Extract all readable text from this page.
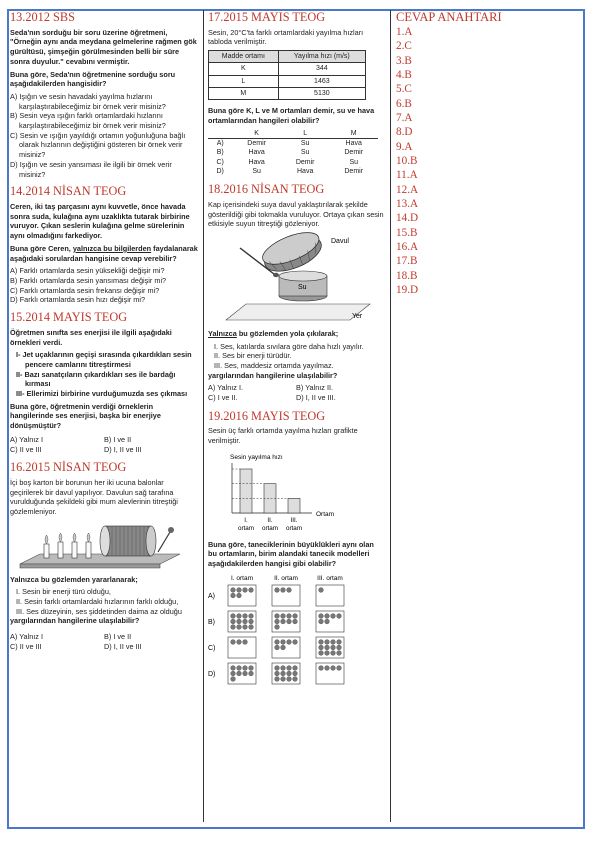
13.2012 SBS

Seda'nın sorduğu bir soru üzerine öğretmeni, "Örneğin aynı anda meydana gelmelerine rağmen gök gürültüsü, şimşeğin görülmesinden belli bir süre sonra duyulur." cevabını vermiştir.

Buna göre, Seda'nın öğretmenine sorduğu soru aşağıdakilerden hangisidir?

A) Işığın ve sesin havadaki yayılma hızlarını karşılaştırabileceğimiz bir örnek verir misiniz?

B) Sesin veya ışığın farklı ortamlardaki hızlarını karşılaştırabileceğimiz bir örnek verir misiniz?

C) Sesin ve ışığın yayıldığı ortamın yoğunluğuna bağlı olarak hızlarının değiştiğini gösteren bir örnek verir misiniz?

D) Işığın ve sesin yansıması ile ilgili bir örnek verir misiniz?

14.2014 NİSAN TEOG

Ceren, iki taş parçasını aynı kuvvetle, önce havada sonra suda, kulağına aynı uzaklıkta tutarak birbirine vuruyor. Çıkan seslerin kulağına gelme sürelerinin aynı olmadığını farkediyor.

Buna göre Ceren, yalnızca bu bilgilerden faydalanarak aşağıdaki sorulardan hangisine cevap verebilir?

A) Farklı ortamlarda sesin yüksekliği değişir mi?

B) Farklı ortamlarda sesin yansıması değişir mi?

C) Farklı ortamlarda sesin frekansı değişir mi?

D) Farklı ortamlarda sesin hızı değişir mi?

15.2014 MAYIS TEOG

Öğretmen sınıfta ses enerjisi ile ilgili aşağıdaki örnekleri verdi.

I- Jet uçaklarının geçişi sırasında çıkardıkları sesin pencere camlarını titreştirmesi

II- Bazı sanatçıların çıkardıkları ses ile bardağı kırması

III- Ellerimizi birbirine vurduğumuzda ses çıkması

Buna göre, öğretmenin verdiği örneklerin hangilerinde ses enerjisi, başka bir enerjiye dönüşmüştür?

A) Yalnız I	B) I ve II
C) II ve III	D) I, II ve III
16.2015 NİSAN TEOG

İçi boş karton bir borunun her iki ucuna balonlar geçirilerek bir davul yapılıyor. Davulun sağ tarafına vurulduğunda şekildeki gibi mum alevlerinin titreştiği gözlemleniyor.

Yalnızca bu gözlemden yararlanarak;

I. Sesin bir enerji türü olduğu,

II. Sesin farklı ortamlardaki hızlarının farklı olduğu,

III. Ses düzeyinin, ses şiddetinden daima az olduğu

yargılarından hangilerine ulaşılabilir?

A) Yalnız I	B) I ve II
C) II ve III	D) I, II ve III
17.2015 MAYIS TEOG

Sesin, 20°C'ta farklı ortamlardaki yayılma hızları tabloda verilmiştir.

Madde ortamı	Yayılma hızı (m/s)
K	344
L	1463
M	5130

Buna göre K, L ve M ortamları demir, su ve hava ortamlarından hangileri olabilir?

	K	L	M
A)	Demir	Su	Hava
B)	Hava	Su	Demir
C)	Hava	Demir	Su
D)	Su	Hava	Demir
18.2016 NİSAN TEOG

Kap içerisindeki suya davul yaklaştırılarak şekilde gösterildiği gibi tokmakla vuruluyor. Ortaya çıkan sesin etkisiyle suyun titreştiği gözleniyor.

Su
Davul
Yer

Yalnızca bu gözlemden yola çıkılarak;

I. Ses, katılarda sıvılara göre daha hızlı yayılır.

II. Ses bir enerji türüdür.

III. Ses, maddesiz ortamda yayılmaz.

yargılarından hangilerine ulaşılabilir?

A) Yalnız I.	B) Yalnız II.
C) I ve II.	D) I, II ve III.
19.2016 MAYIS TEOG

Sesin üç farklı ortamda yayılma hızları grafikte verilmiştir.

Sesin yayılma hızı
Ortam
I.
ortam
II.
ortam
III.
ortam

Buna göre, taneciklerinin büyüklükleri aynı olan bu ortamların, birim alandaki tanecik modelleri aşağıdakilerden hangisi gibi olabilir?

I. ortam	II. ortam	III. ortam
A)
B)
C)
D)
CEVAP ANAHTARI
1.A
2.C
3.B
4.B
5.C
6.B
7.A
8.D
9.A
10.B
11.A
12.A
13.A
14.D
15.B
16.A
17.B
18.B
19.D
